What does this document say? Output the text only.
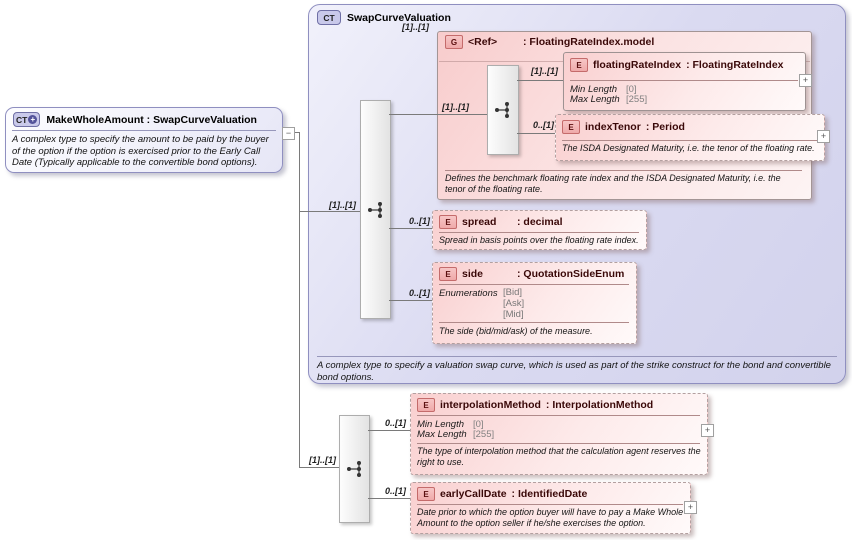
CT	SwapCurveValuation
A complex type to specify a valuation swap curve, which is used as part of the strike construct for the bond and convertible bond options.
CT + MakeWholeAmount : SwapCurveValuation
A complex type to specify the amount to be paid by the buyer of the option if the option is exercised prior to the Early Call Date (Typically applicable to the convertible bond options).
G	<Ref>	: FloatingRateIndex.model
Defines the benchmark floating rate index and the ISDA Designated Maturity, i.e. the tenor of the floating rate.
E	floatingRateIndex : FloatingRateIndex
Min Length [0]
Max Length [255]
E	indexTenor : Period
The ISDA Designated Maturity, i.e. the tenor of the floating rate.
E	spread	: decimal
Spread in basis points over the floating rate index.
E	side	: QuotationSideEnum
Enumerations [Bid]
[Ask]
[Mid]
The side (bid/mid/ask) of the measure.
E	interpolationMethod : InterpolationMethod
Min Length [0]
Max Length [255]
The type of interpolation method that the calculation agent reserves the right to use.
E	earlyCallDate : IdentifiedDate
Date prior to which the option buyer will have to pay a Make Whole Amount to the option seller if he/she exercises the option.
[1]..[1]
[1]..[1]
[1]..[1]
[1]..[1]
0..[1]
0..[1]
0..[1]
[1]..[1]
0..[1]
0..[1]
−
+
+
+
+
